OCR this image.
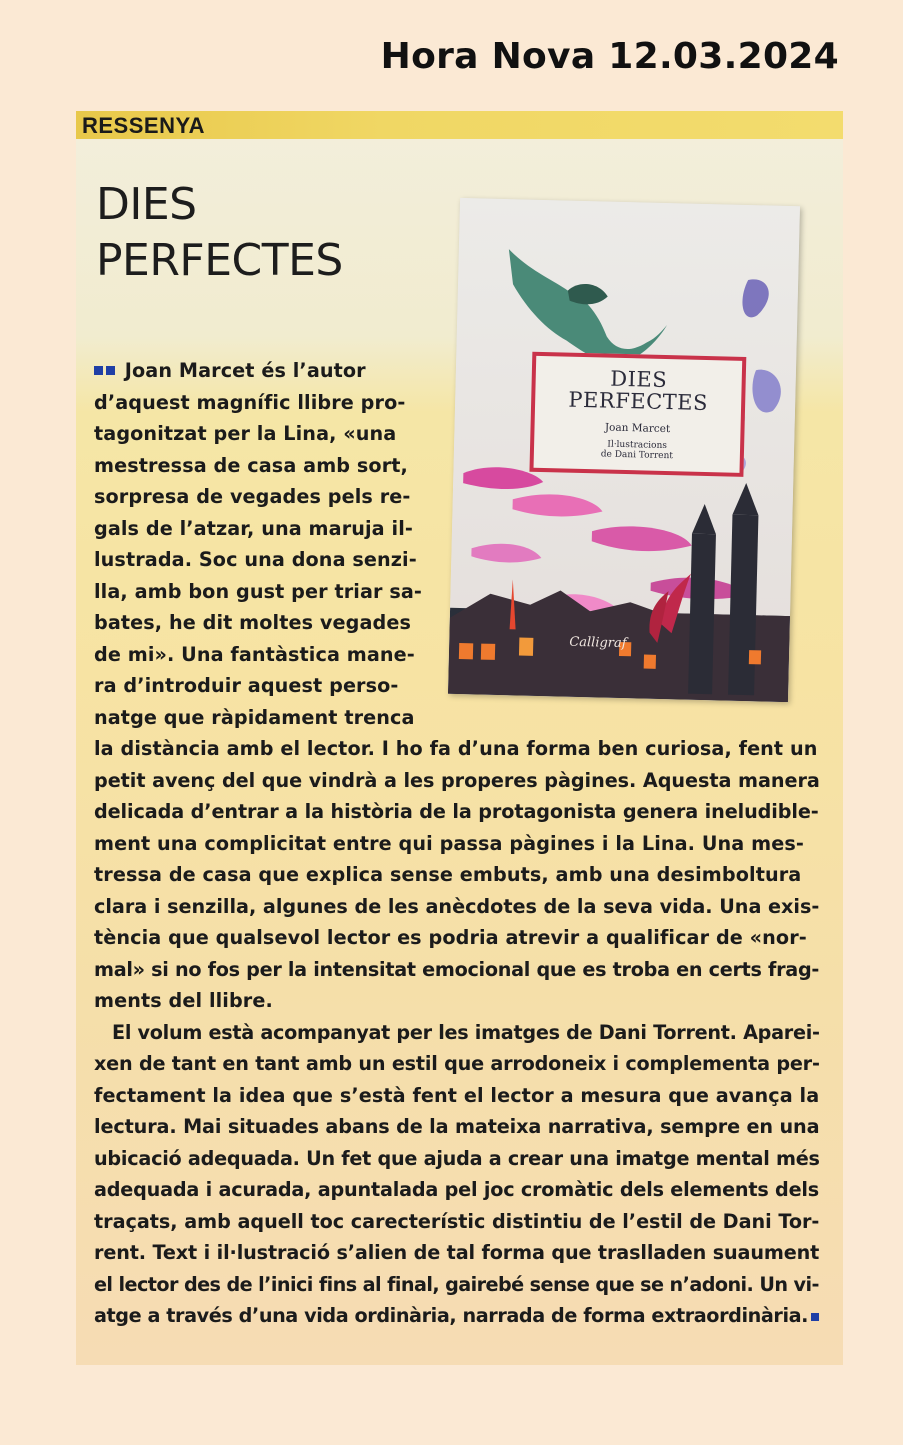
Hora Nova 12.03.2024
RESSENYA
DIES
PERFECTES
DIES
PERFECTES
Joan Marcet
Il·lustracions
de Dani Torrent
Calligraf
Joan Marcet és l’autor
d’aquest magnífic llibre pro-
tagonitzat per la Lina, «una
mestressa de casa amb sort,
sorpresa de vegades pels re-
gals de l’atzar, una maruja il-
lustrada. Soc una dona senzi-
lla, amb bon gust per triar sa-
bates, he dit moltes vegades
de mi». Una fantàstica mane-
ra d’introduir aquest perso-
natge que ràpidament trenca
la distància amb el lector. I ho fa d’una forma ben curiosa, fent un
petit avenç del que vindrà a les properes pàgines. Aquesta manera
delicada d’entrar a la història de la protagonista genera ineludible-
ment una complicitat entre qui passa pàgines i la Lina. Una mes-
tressa de casa que explica sense embuts, amb una desimboltura
clara i senzilla, algunes de les anècdotes de la seva vida. Una exis-
tència que qualsevol lector es podria atrevir a qualificar de «nor-
mal» si no fos per la intensitat emocional que es troba en certs frag-
ments del llibre.
El volum està acompanyat per les imatges de Dani Torrent. Aparei-
xen de tant en tant amb un estil que arrodoneix i complementa per-
fectament la idea que s’està fent el lector a mesura que avança la
lectura. Mai situades abans de la mateixa narrativa, sempre en una
ubicació adequada. Un fet que ajuda a crear una imatge mental més
adequada i acurada, apuntalada pel joc cromàtic dels elements dels
traçats, amb aquell toc carecterístic distintiu de l’estil de Dani Tor-
rent. Text i il·lustració s’alien de tal forma que traslladen suaument
el lector des de l’inici fins al final, gairebé sense que se n’adoni. Un vi-
atge a través d’una vida ordinària, narrada de forma extraordinària.
